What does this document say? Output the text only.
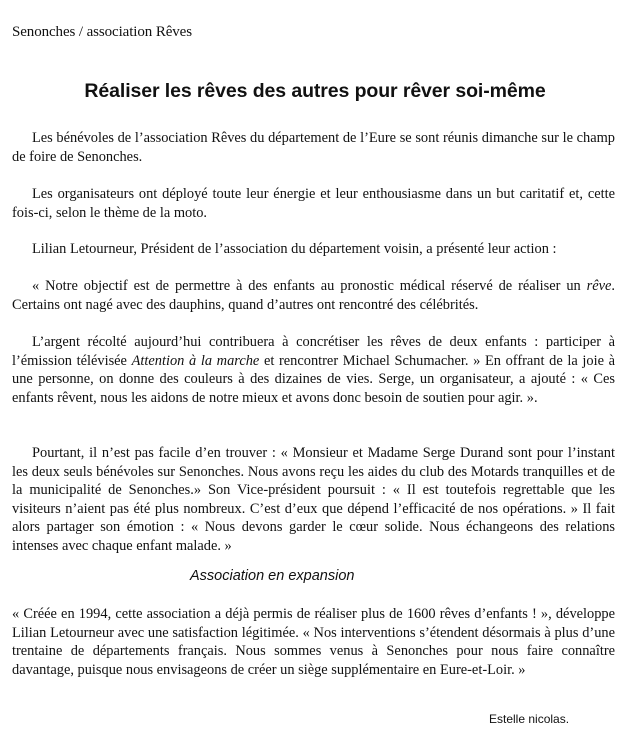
Senonches / association Rêves
Réaliser les rêves des autres pour rêver soi-même

Les bénévoles de l’association Rêves du département de l’Eure se sont réunis dimanche sur le champ de foire de Senonches.

Les organisateurs ont déployé toute leur énergie et leur enthousiasme dans un but caritatif et, cette fois-ci, selon le thème de la moto.

Lilian Letourneur, Président de l’association du département voisin, a présenté leur action :

« Notre objectif est de permettre à des enfants au pronostic médical réservé de réaliser un rêve. Certains ont nagé avec des dauphins, quand d’autres ont rencontré des célébrités.

L’argent récolté aujourd’hui contribuera à concrétiser les rêves de deux enfants : participer à l’émission télévisée Attention à la marche et rencontrer Michael Schumacher. » En offrant de la joie à une personne, on donne des couleurs à des dizaines de vies. Serge, un organisateur, a ajouté : « Ces enfants rêvent, nous les aidons de notre mieux et avons donc besoin de soutien pour agir. ».

Pourtant, il n’est pas facile d’en trouver : « Monsieur et Madame Serge Durand sont pour l’instant les deux seuls bénévoles sur Senonches. Nous avons reçu les aides du club des Motards tranquilles et de la municipalité de Senonches.» Son Vice-président poursuit : « Il est toutefois regrettable que les visiteurs n’aient pas été plus nombreux. C’est d’eux que dépend l’efficacité de nos opérations. » Il fait alors partager son émotion : « Nous devons garder le cœur solide. Nous échangeons des relations intenses avec chaque enfant malade. »

Association en expansion

« Créée en 1994, cette association a déjà permis de réaliser plus de 1600 rêves d’enfants ! », développe Lilian Letourneur avec une satisfaction légitimée. « Nos interventions s’étendent désormais à plus d’une trentaine de départements français. Nous sommes venus à Senonches pour nous faire connaître davantage, puisque nous envisageons de créer un siège supplémentaire en Eure-et-Loir. »

Estelle nicolas.
